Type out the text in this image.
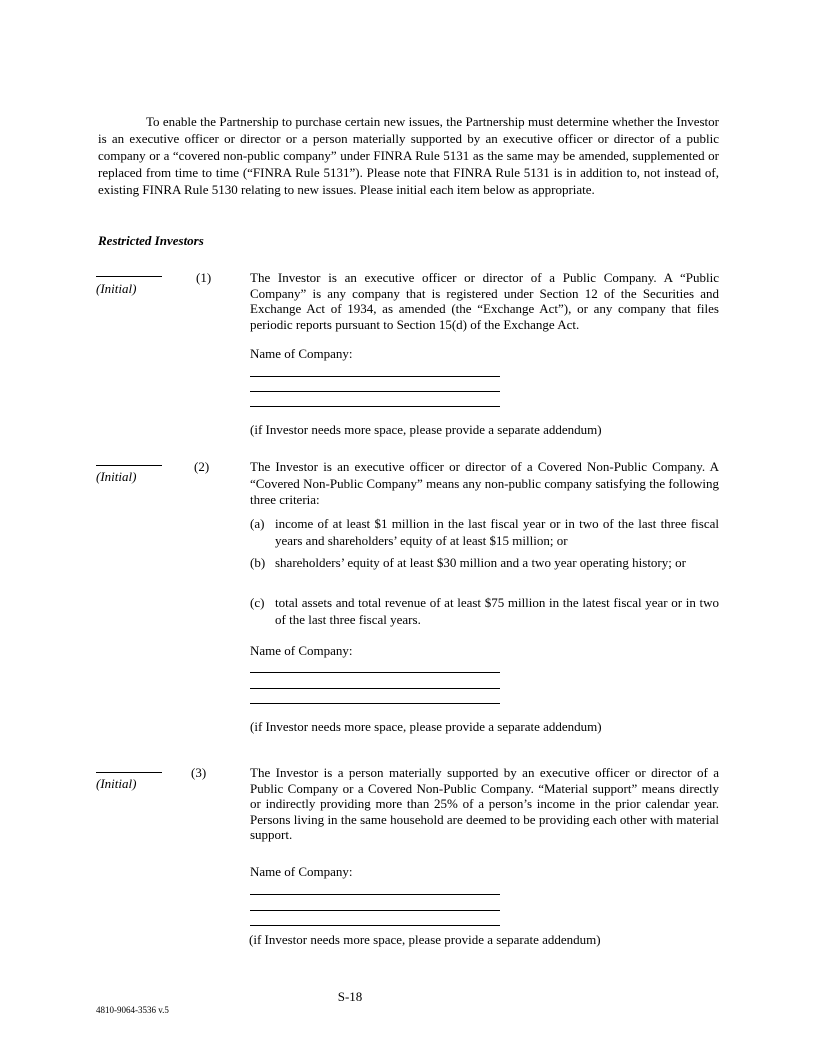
To enable the Partnership to purchase certain new issues, the Partnership must determine whether the Investor is an executive officer or director or a person materially supported by an executive officer or director of a public company or a “covered non-public company” under FINRA Rule 5131 as the same may be amended, supplemented or replaced from time to time (“FINRA Rule 5131”). Please note that FINRA Rule 5131 is in addition to, not instead of, existing FINRA Rule 5130 relating to new issues. Please initial each item below as appropriate.
Restricted Investors
(Initial)
(1)	The Investor is an executive officer or director of a Public Company. A “Public Company” is any company that is registered under Section 12 of the Securities and Exchange Act of 1934, as amended (the “Exchange Act”), or any company that files periodic reports pursuant to Section 15(d) of the Exchange Act.
Name of Company:
(if Investor needs more space, please provide a separate addendum)
(Initial)
(2)	The Investor is an executive officer or director of a Covered Non-Public Company. A “Covered Non-Public Company” means any non-public company satisfying the following three criteria:
(a) income of at least $1 million in the last fiscal year or in two of the last three fiscal years and shareholders’ equity of at least $15 million; or
(b) shareholders’ equity of at least $30 million and a two year operating history; or
(c) total assets and total revenue of at least $75 million in the latest fiscal year or in two of the last three fiscal years.
Name of Company:
(if Investor needs more space, please provide a separate addendum)
(Initial)
(3)	The Investor is a person materially supported by an executive officer or director of a Public Company or a Covered Non-Public Company. “Material support” means directly or indirectly providing more than 25% of a person’s income in the prior calendar year. Persons living in the same household are deemed to be providing each other with material support.
Name of Company:
(if Investor needs more space, please provide a separate addendum)
S-18
4810-9064-3536 v.5
